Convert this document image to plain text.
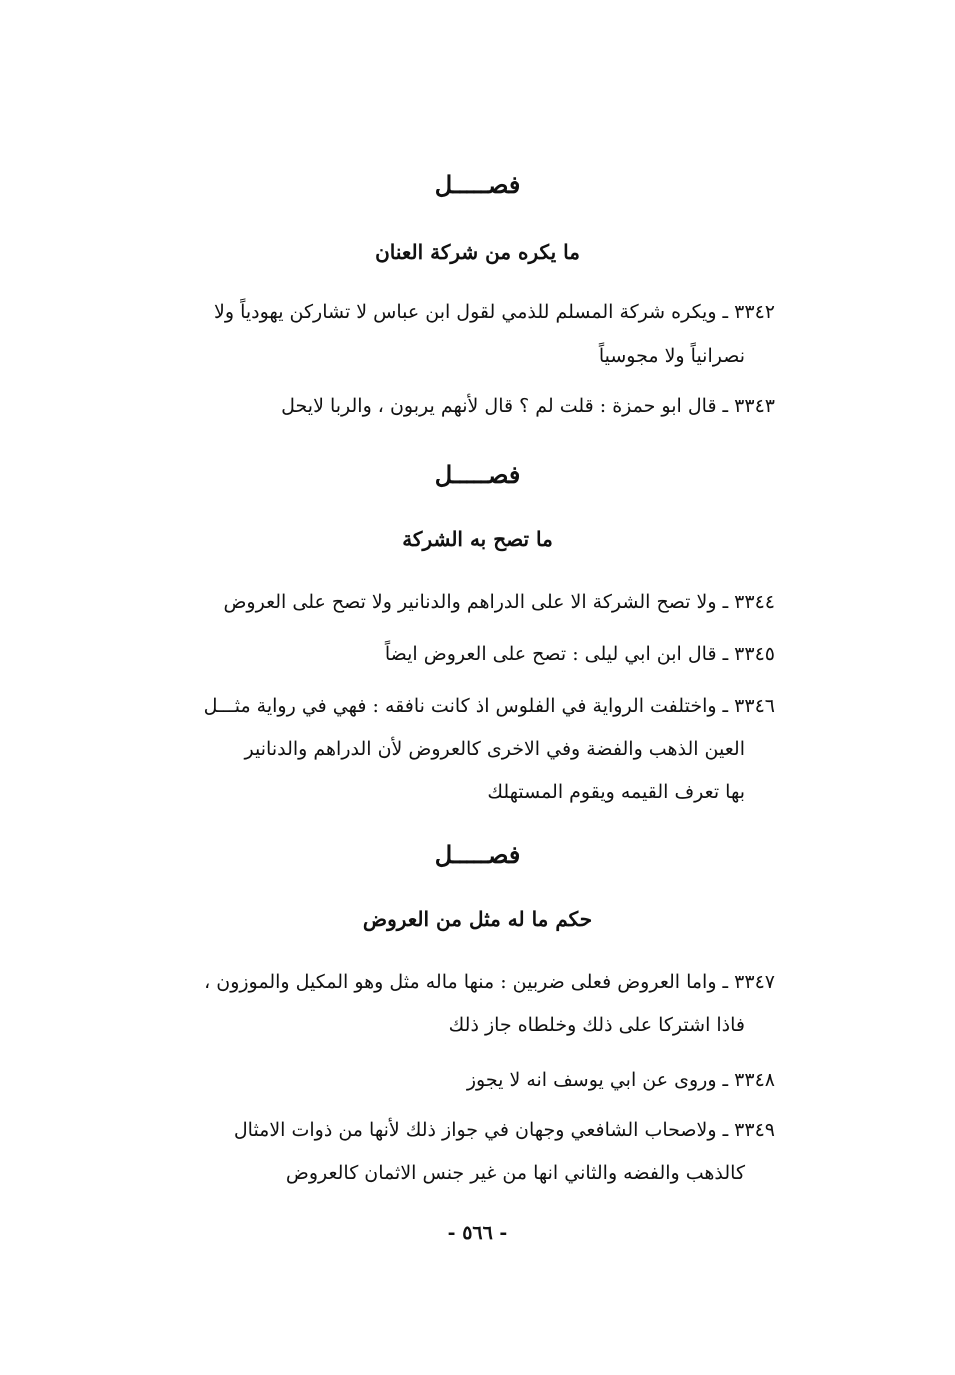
فصـــــل
ما يكره من شركة العنان
٣٣٤٢ ـ ويكره شركة المسلم للذمي لقول ابن عباس لا تشاركن يهودياً ولا
نصرانياً ولا مجوسياً
٣٣٤٣ ـ قال ابو حمزة : قلت لم ؟ قال لأنهم يربون ، والربا لايحل
فصـــــل
ما تصح به الشركة
٣٣٤٤ ـ ولا تصح الشركة الا على الدراهم والدنانير ولا تصح على العروض
٣٣٤٥ ـ قال ابن ابي ليلى : تصح على العروض ايضاً
٣٣٤٦ ـ واختلفت الرواية في الفلوس اذ كانت نافقه : فهي في رواية مثـــل
العين الذهب والفضة وفي الاخرى كالعروض لأن الدراهم والدنانير
بها تعرف القيمه ويقوم المستهلك
فصـــــل
حكم ما له مثل من العروض
٣٣٤٧ ـ واما العروض فعلى ضربين : منها ماله مثل وهو المكيل والموزون ،
فاذا اشتركا على ذلك وخلطاه جاز ذلك
٣٣٤٨ ـ وروى عن ابي يوسف انه لا يجوز
٣٣٤٩ ـ ولاصحاب الشافعي وجهان في جواز ذلك لأنها من ذوات الامثال
كالذهب والفضه والثاني انها من غير جنس الاثمان كالعروض
- ٥٦٦ -
